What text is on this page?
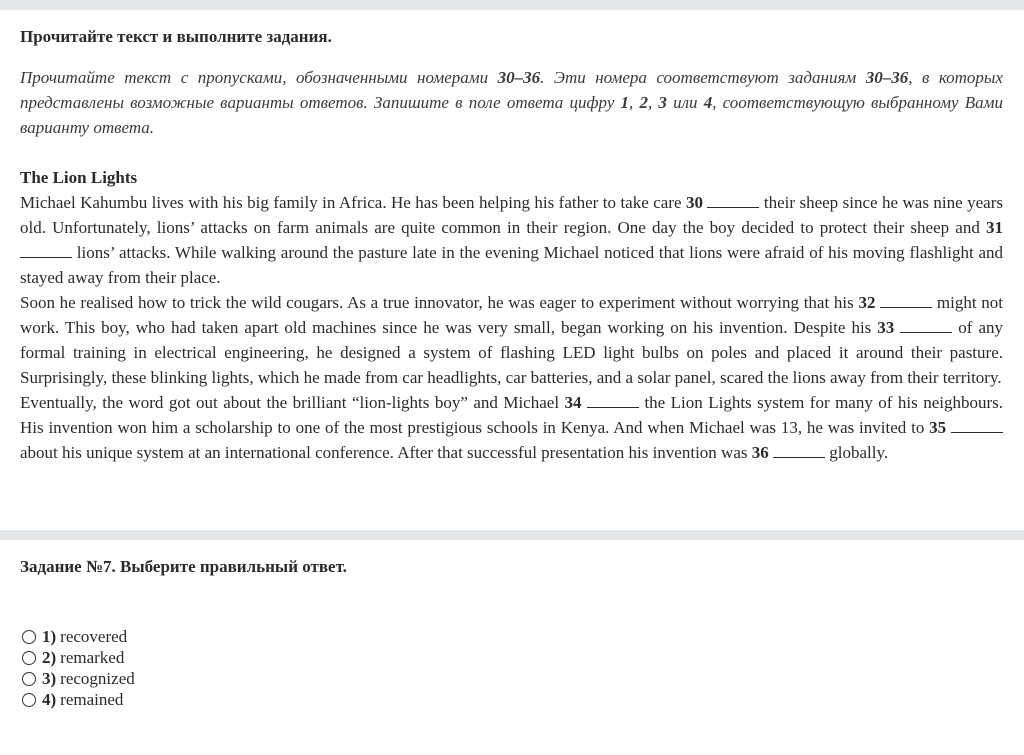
Прочитайте текст и выполните задания.
Прочитайте текст с пропусками, обозначенными номерами 30–36. Эти номера соответствуют заданиям 30–36, в которых представлены возможные варианты ответов. Запишите в поле ответа цифру 1, 2, 3 или 4, соответствующую выбранному Вами варианту ответа.
The Lion Lights

Michael Kahumbu lives with his big family in Africa. He has been helping his father to take care 30	their sheep since he was nine years old. Unfortunately, lions’ attacks on farm animals are quite common in their region. One day the boy decided to protect their sheep and 31  lions’ attacks. While walking around the pasture late in the evening Michael noticed that lions were afraid of his moving flashlight and stayed away from their place.

Soon he realised how to trick the wild cougars. As a true innovator, he was eager to experiment without worrying that his 32	might not work. This boy, who had taken apart old machines since he was very small, began working on his invention. Despite his 33	of any formal training in electrical engineering, he designed a system of flashing LED light bulbs on poles and placed it around their pasture. Surprisingly, these blinking lights, which he made from car headlights, car batteries, and a solar panel, scared the lions away from their territory.

Eventually, the word got out about the brilliant “lion-lights boy” and Michael 34	the Lion Lights system for many of his neighbours. His invention won him a scholarship to one of the most prestigious schools in Kenya. And when Michael was 13, he was invited to 35  about his unique system at an international conference. After that successful presentation his invention was 36	globally.

Задание №7. Выберите правильный ответ.
1) recovered
2) remarked
3) recognized
4) remained
